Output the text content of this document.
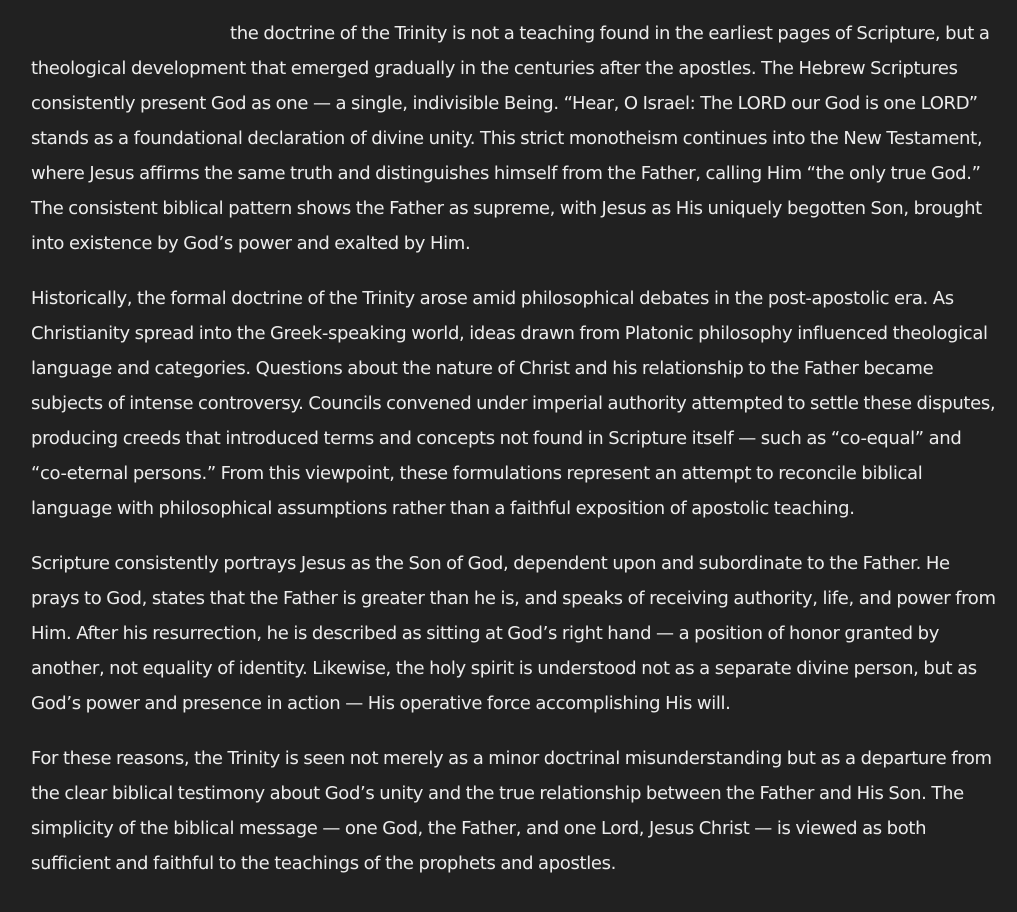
the doctrine of the Trinity is not a teaching found in the earliest pages of Scripture, but a theological development that emerged gradually in the centuries after the apostles. The Hebrew Scriptures consistently present God as one — a single, indivisible Being. “Hear, O Israel: The LORD our God is one LORD” stands as a foundational declaration of divine unity. This strict monotheism continues into the New Testament, where Jesus affirms the same truth and distinguishes himself from the Father, calling Him “the only true God.” The consistent biblical pattern shows the Father as supreme, with Jesus as His uniquely begotten Son, brought into existence by God’s power and exalted by Him.

Historically, the formal doctrine of the Trinity arose amid philosophical debates in the post-apostolic era. As Christianity spread into the Greek-speaking world, ideas drawn from Platonic philosophy influenced theological language and categories. Questions about the nature of Christ and his relationship to the Father became subjects of intense controversy. Councils convened under imperial authority attempted to settle these disputes, producing creeds that introduced terms and concepts not found in Scripture itself — such as “co-equal” and “co-eternal persons.” From this viewpoint, these formulations represent an attempt to reconcile biblical language with philosophical assumptions rather than a faithful exposition of apostolic teaching.

Scripture consistently portrays Jesus as the Son of God, dependent upon and subordinate to the Father. He prays to God, states that the Father is greater than he is, and speaks of receiving authority, life, and power from Him. After his resurrection, he is described as sitting at God’s right hand — a position of honor granted by another, not equality of identity. Likewise, the holy spirit is understood not as a separate divine person, but as God’s power and presence in action — His operative force accomplishing His will.

For these reasons, the Trinity is seen not merely as a minor doctrinal misunderstanding but as a departure from the clear biblical testimony about God’s unity and the true relationship between the Father and His Son. The simplicity of the biblical message — one God, the Father, and one Lord, Jesus Christ — is viewed as both sufficient and faithful to the teachings of the prophets and apostles.
